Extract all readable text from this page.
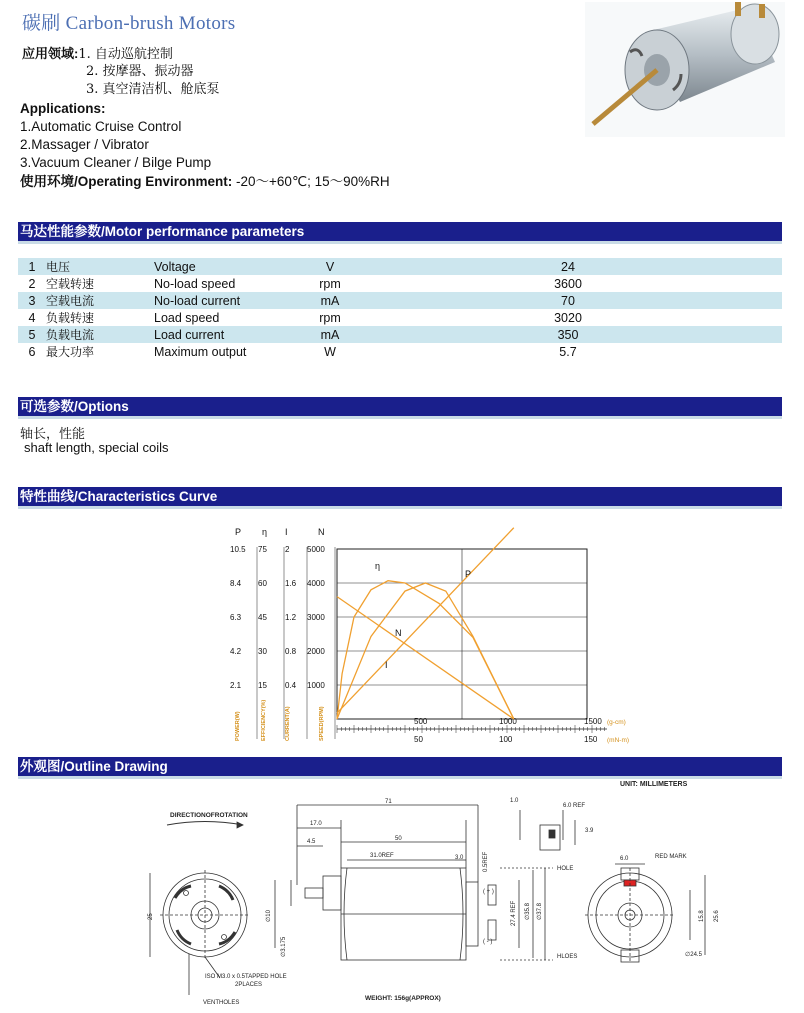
碳刷 Carbon-brush Motors
应用领域:1. 自动巡航控制
2. 按摩器、振动器
3. 真空清洁机、舱底泵
Applications:
1.Automatic Cruise Control
2.Massager / Vibrator
3.Vacuum Cleaner / Bilge Pump
使用环境/Operating Environment: -20～+60℃; 15～90%RH
马达性能参数/Motor performance parameters
1	电压	Voltage	V	24
2	空载转速	No-load speed	rpm	3600
3	空载电流	No-load current	mA	70
4	负载转速	Load speed	rpm	3020
5	负载电流	Load current	mA	350
6	最大功率	Maximum output	W	5.7
可选参数/Options
轴长，性能
shaft length, special coils
特性曲线/Characteristics Curve
P η I	N
10.5
8.4
6.3
4.2
2.1
75
60
45
30
15
2
1.6
1.2
0.8
0.4
5000
4000
3000
2000
1000
POWER(W)	EFFICIENCY(%)	CURRENT(A)	SPEED(RPM)	500	1000	1500 (g-cm)
50	100	150 (mN-m)
η
P
N
I
外观图/Outline Drawing
UNIT: MILLIMETERS
DIRECTIONOFROTATION
1.0
6.0 REF
3.9
HOLE
6.0	RED MARK
HLOES	∅24.5
71
17.0
50
4.5
31.0REF	3.0
( + )
( - )
ISO M3.0 x 0.5TAPPED HOLE
2PLACES
VENTHOLES
WEIGHT: 156g(APPROX)
25	∅10
∅3.175
0.5REF
27.4 REF ∅35.8 ∅37.8	15.8 25.6
